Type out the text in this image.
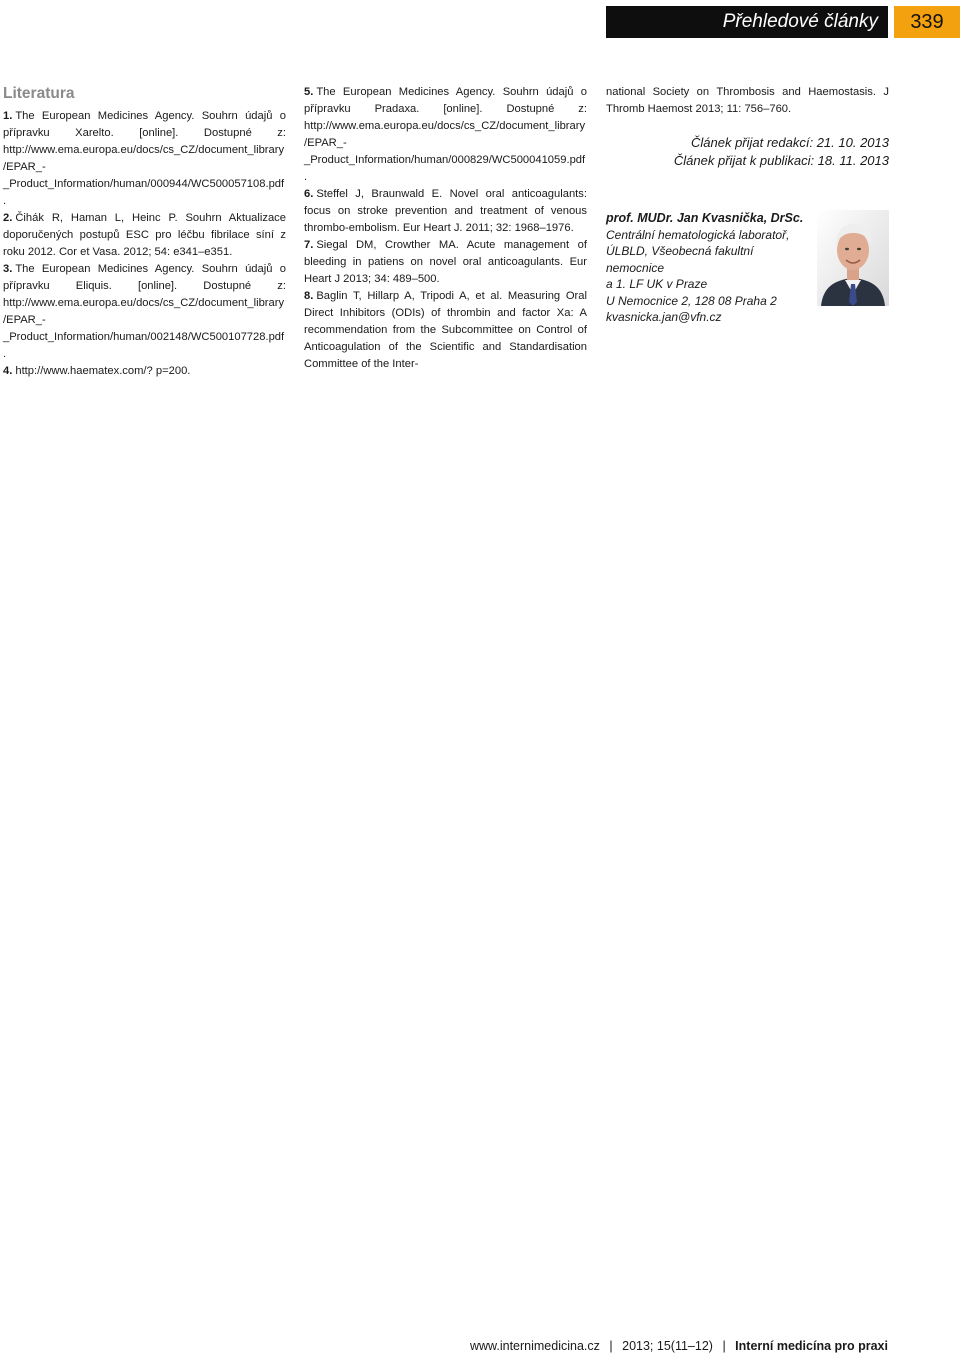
Přehledové články	339
Literatura

1. The European Medicines Agency. Souhrn údajů o přípravku Xarelto. [online]. Dostupné z: http://www.ema.europa.eu/docs/cs_CZ/document_library/EPAR_-_Product_Information/human/000944/WC500057108.pdf.

2. Čihák R, Haman L, Heinc P. Souhrn Aktualizace doporučených postupů ESC pro léčbu fibrilace síní z roku 2012. Cor et Vasa. 2012; 54: e341–e351.

3. The European Medicines Agency. Souhrn údajů o přípravku Eliquis. [online]. Dostupné z: http://www.ema.europa.eu/docs/cs_CZ/document_library/EPAR_-_Product_Information/human/002148/WC500107728.pdf.

4. http://www.haematex.com/? p=200.

5. The European Medicines Agency. Souhrn údajů o přípravku Pradaxa. [online]. Dostupné z: http://www.ema.europa.eu/docs/cs_CZ/document_library/EPAR_-_Product_Information/human/000829/WC500041059.pdf.

6. Steffel J, Braunwald E. Novel oral anticoagulants: focus on stroke prevention and treatment of venous thrombo-embolism. Eur Heart J. 2011; 32: 1968–1976.

7. Siegal DM, Crowther MA. Acute management of bleeding in patiens on novel oral anticoagulants. Eur Heart J 2013; 34: 489–500.

8. Baglin T, Hillarp A, Tripodi A, et al. Measuring Oral Direct Inhibitors (ODIs) of thrombin and factor Xa: A recommendation from the Subcommittee on Control of Anticoagulation of the Scientific and Standardisation Committee of the Inter-

national Society on Thrombosis and Haemostasis. J Thromb Haemost 2013; 11: 756–760.

Článek přijat redakcí: 21. 10. 2013
Článek přijat k publikaci: 18. 11. 2013
prof. MUDr. Jan Kvasnička, DrSc.
Centrální hematologická laboratoř,
ÚLBLD, Všeobecná fakultní nemocnice
a 1. LF UK v Praze
U Nemocnice 2, 128 08 Praha 2
kvasnicka.jan@vfn.cz
www.internimedicina.cz | 2013; 15(11–12) | Interní medicína pro praxi
